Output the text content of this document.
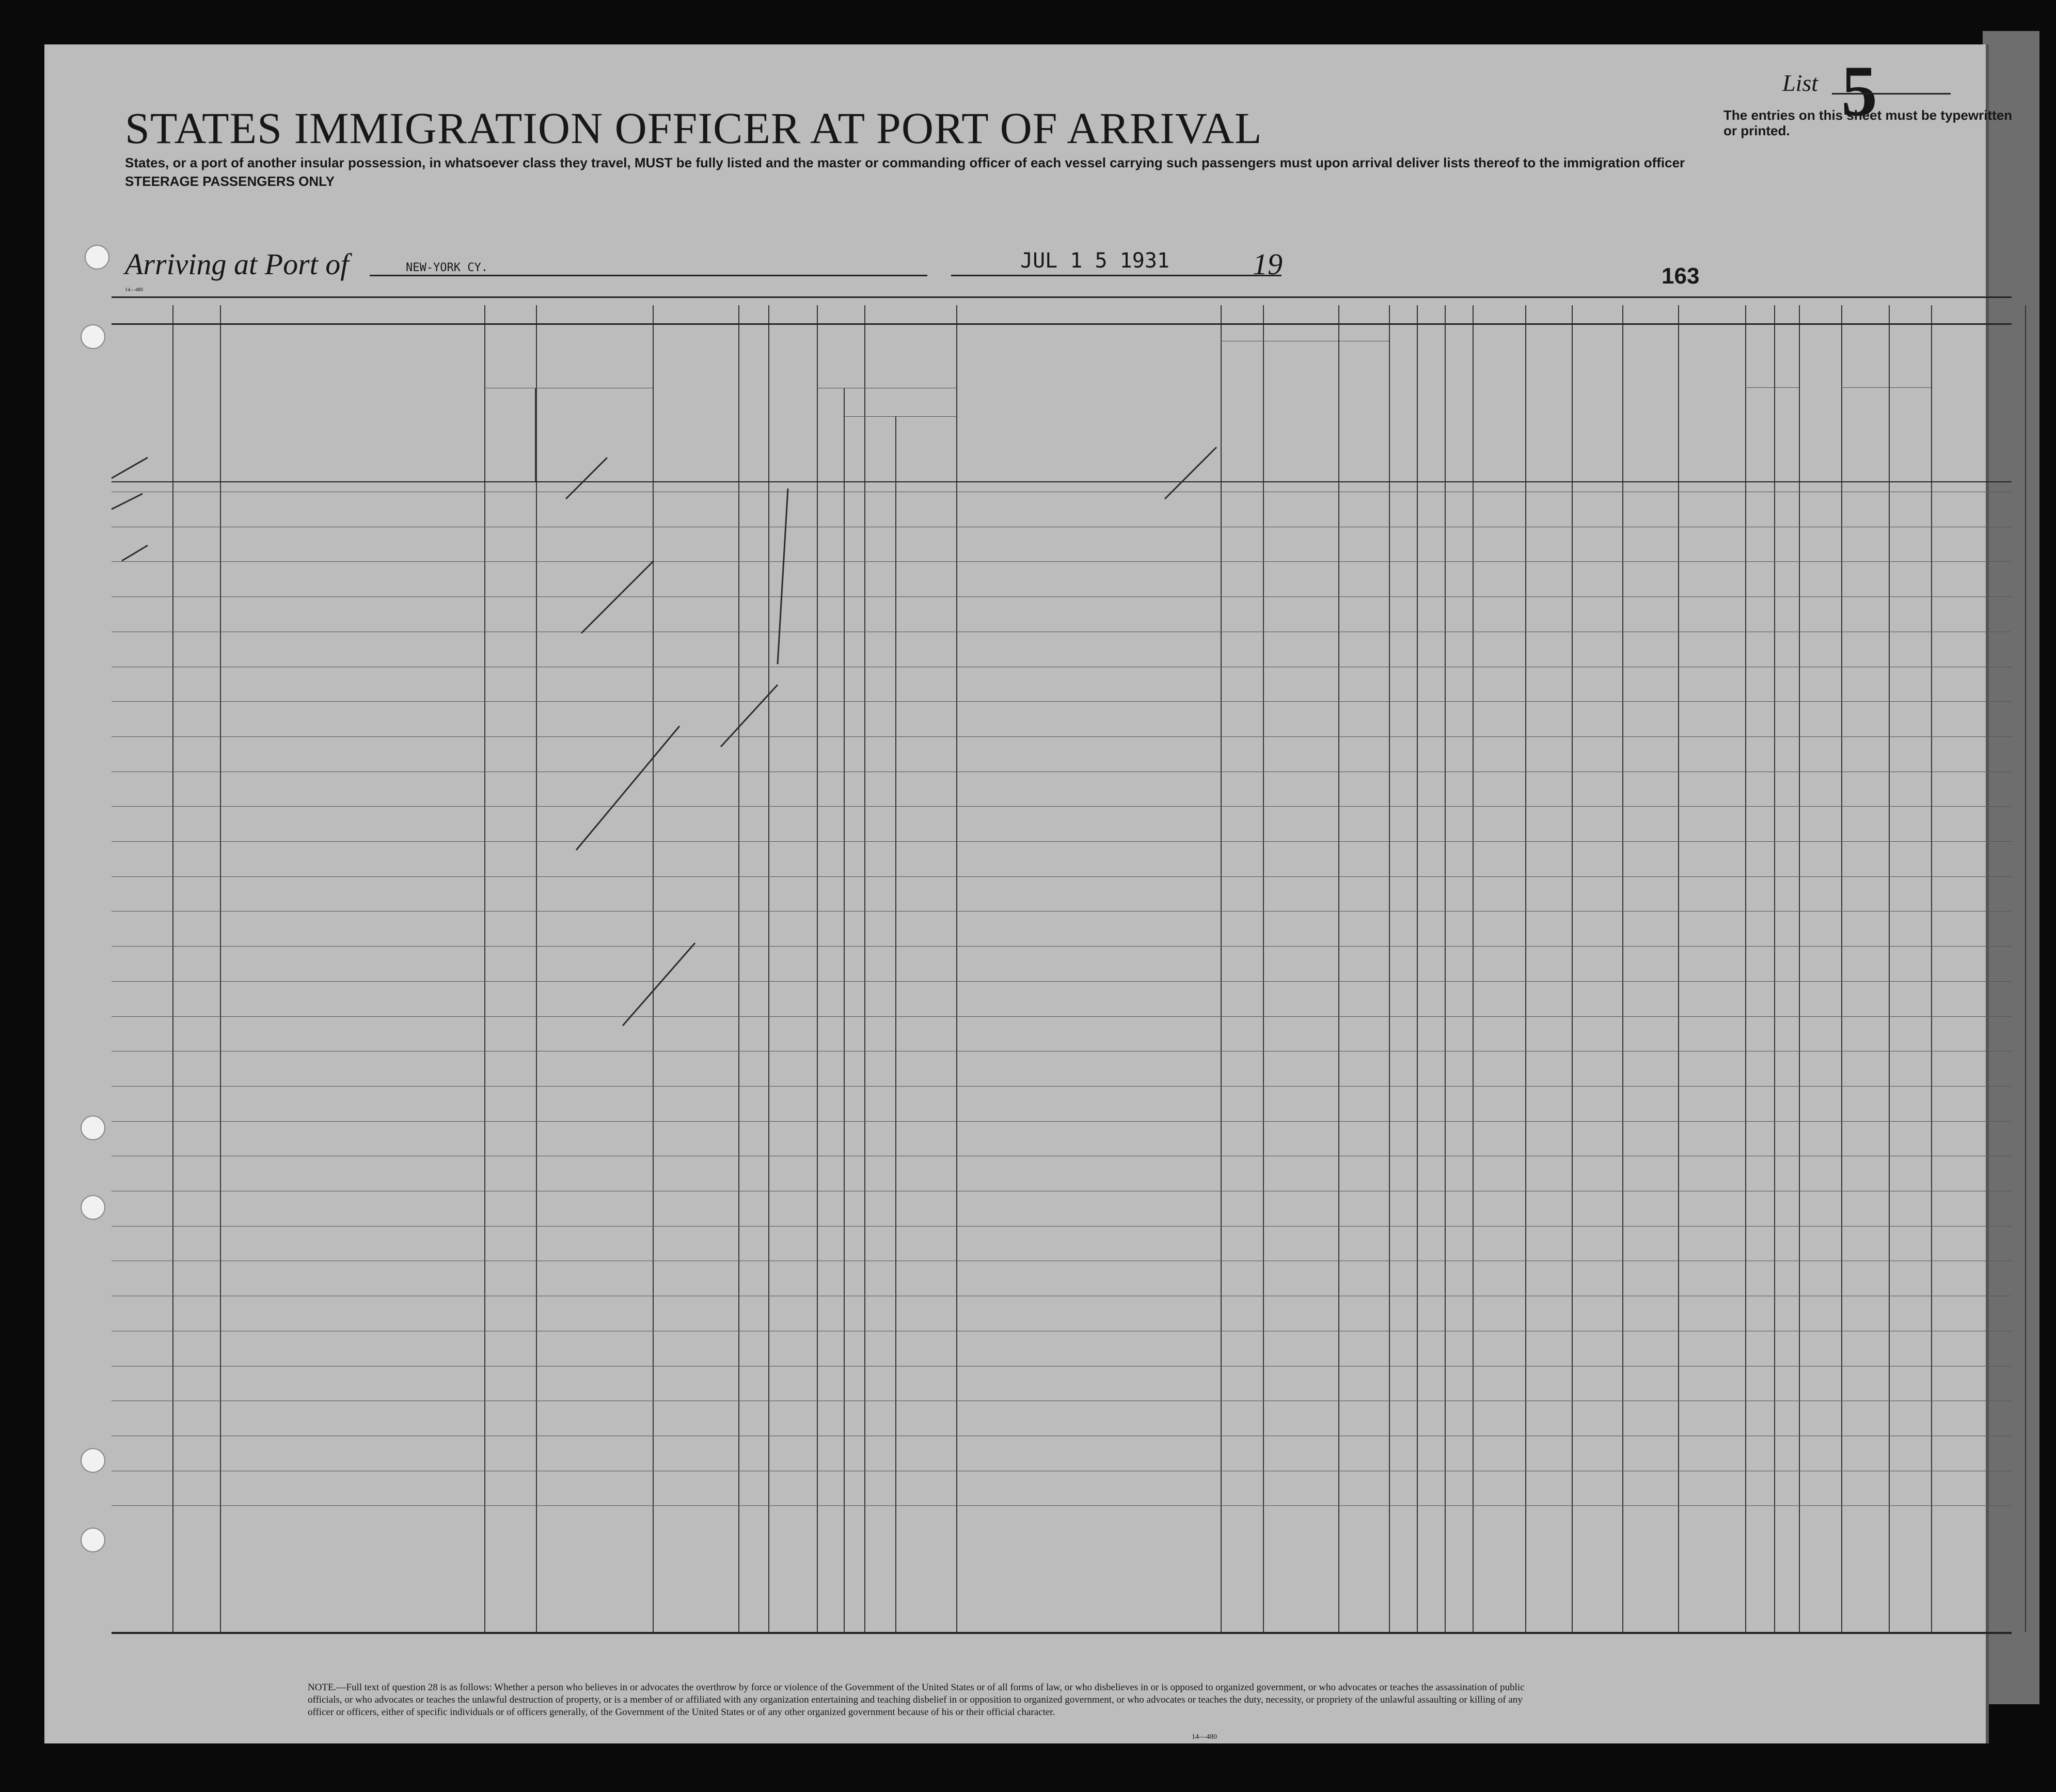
List 5
The entries on this sheet must be typewritten or printed.
STATES IMMIGRATION OFFICER AT PORT OF ARRIVAL
States, or a port of another insular possession, in whatsoever class they travel, MUST be fully listed and the master or commanding officer of each vessel carrying such passengers must upon arrival deliver lists thereof to the immigration officer
STEERAGE PASSENGERS ONLY
Arriving at Port of	NEW-YORK CY.	JUL 1 5 1931	19	163
14—480
NOTE.—Full text of question 28 is as follows: Whether a person who believes in or advocates the overthrow by force or violence of the Government of the United States or of all forms of law, or who disbelieves in or is opposed to organized government, or who advocates or teaches the assassination of public officials, or who advocates or teaches the unlawful destruction of property, or is a member of or affiliated with any organization entertaining and teaching disbelief in or opposition to organized government, or who advocates or teaches the duty, necessity, or propriety of the unlawful assaulting or killing of any officer or officers, either of specific individuals or of officers generally, of the Government of the United States or of any other organized government because of his or their official character.
14—480
